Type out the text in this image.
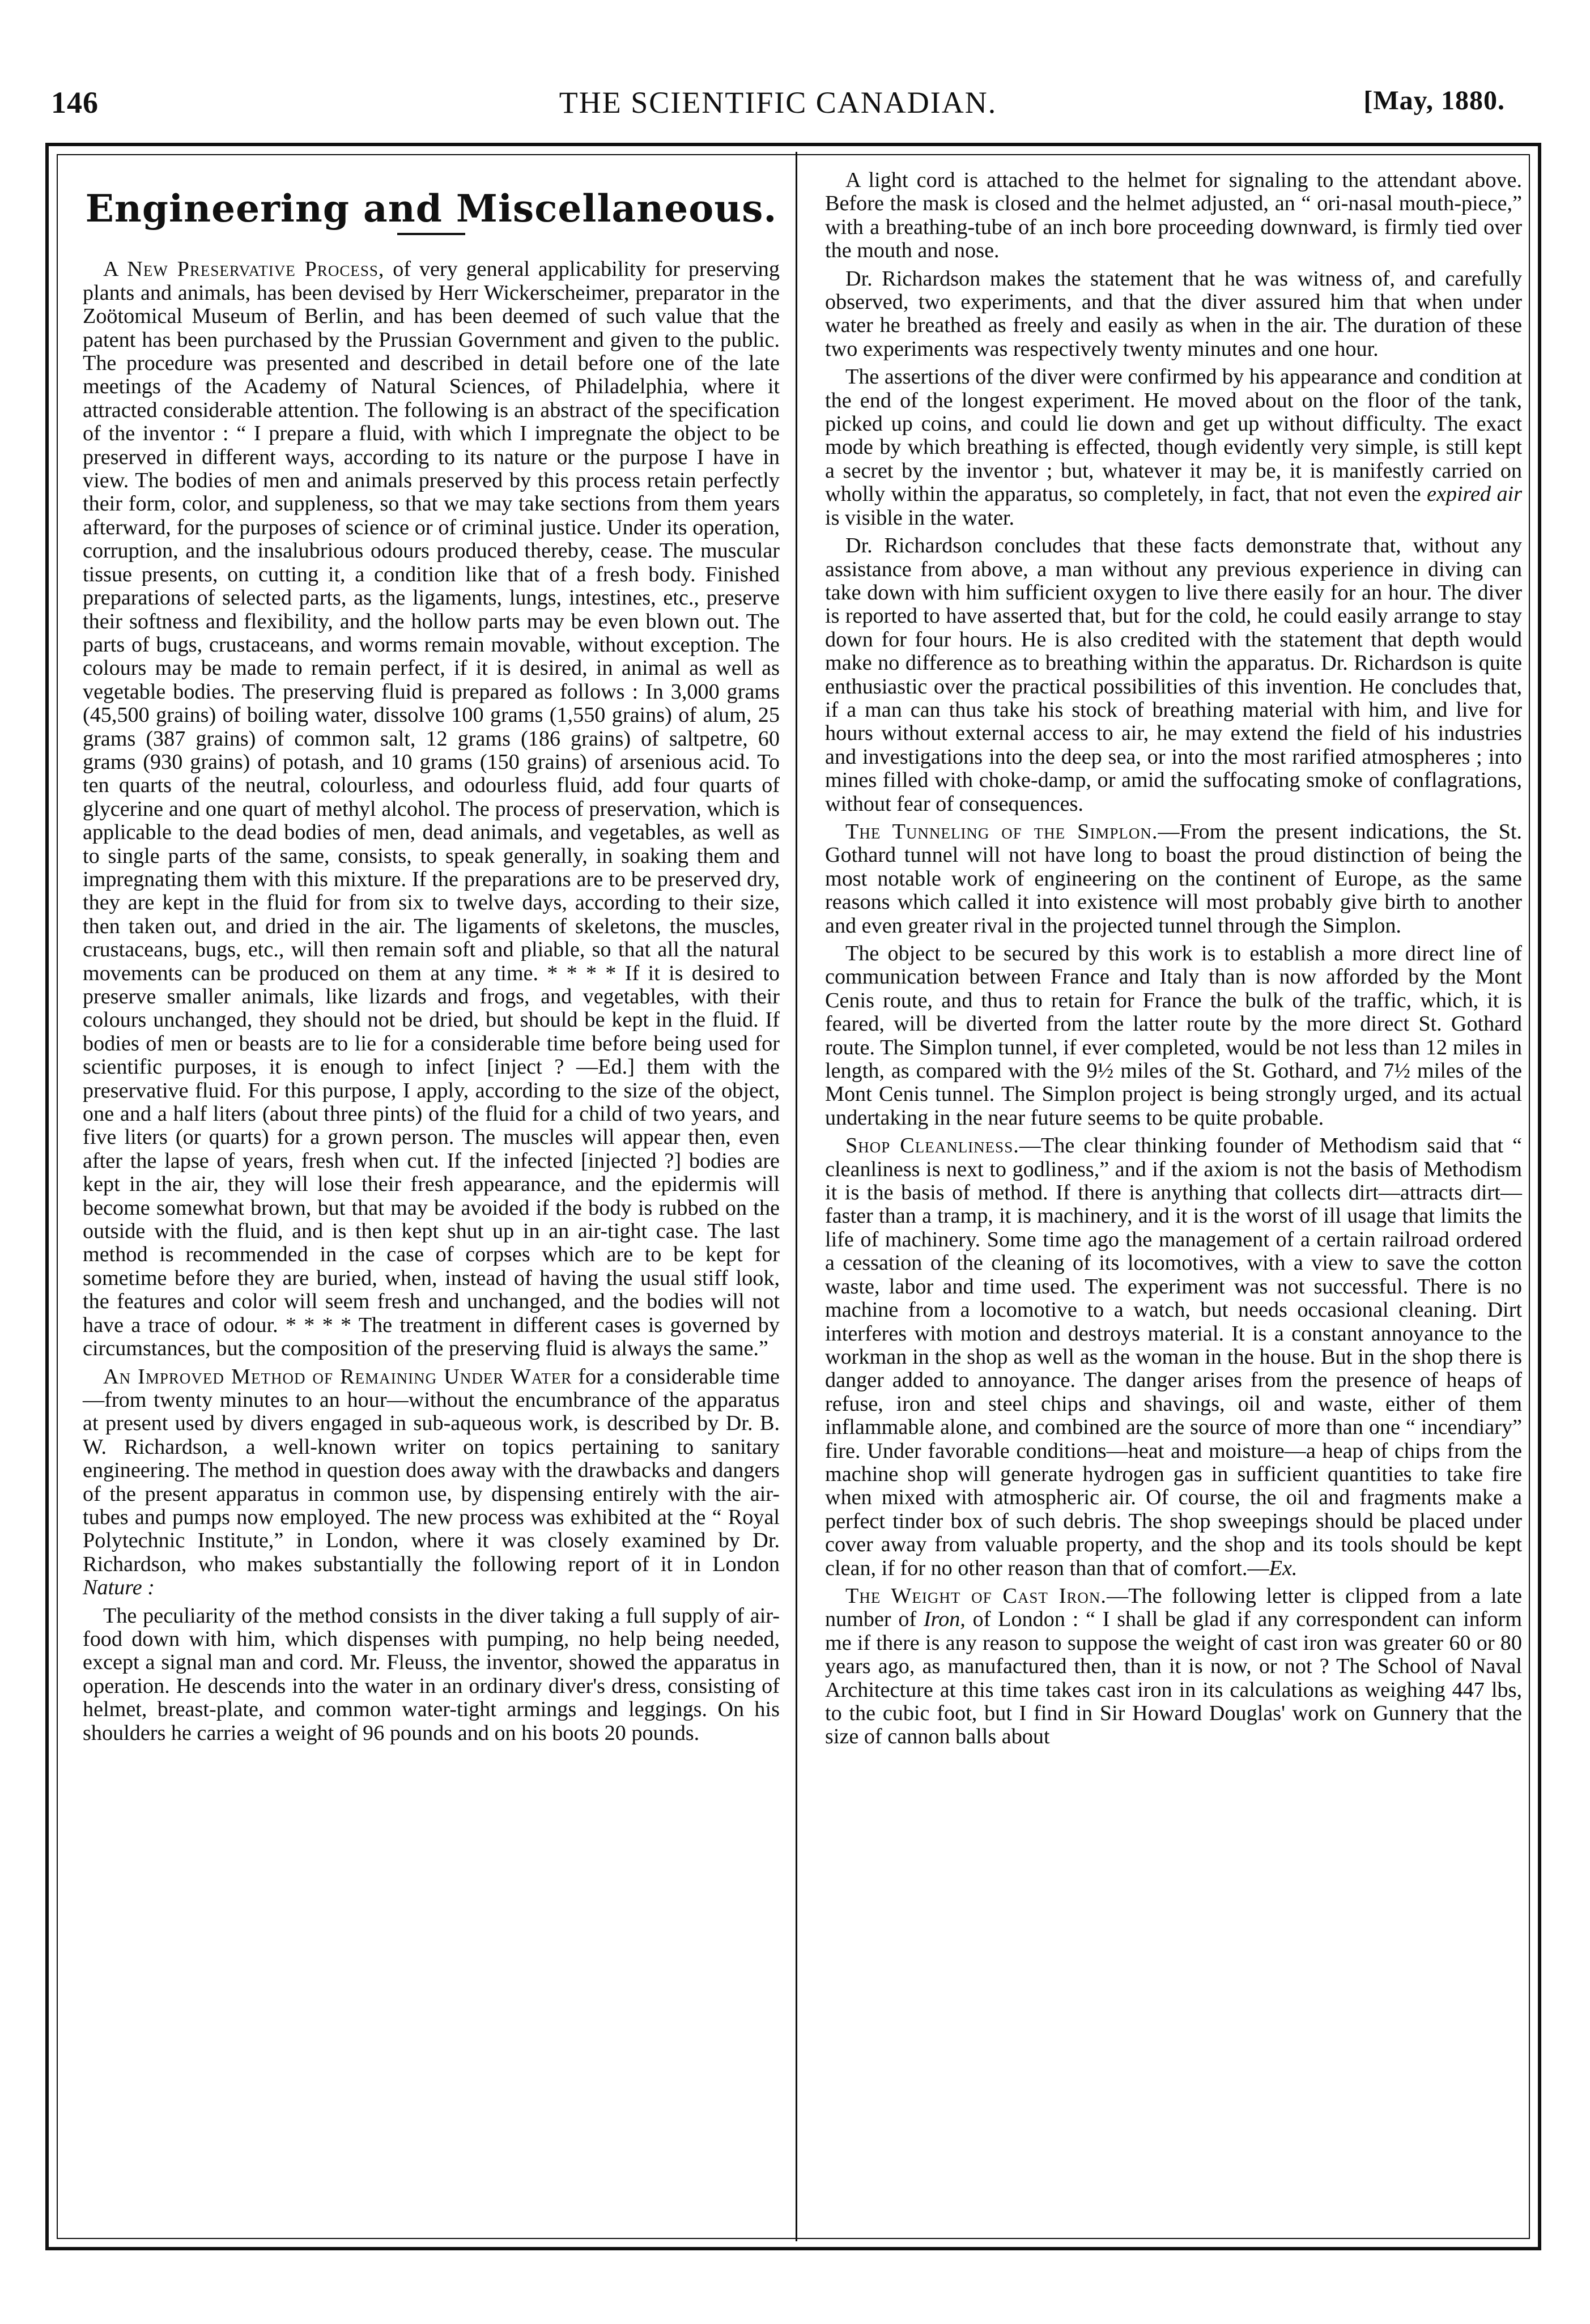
146	THE SCIENTIFIC CANADIAN.	[May, 1880.
Engineering and Miscellaneous.

A New Preservative Process, of very general applicability for preserving plants and animals, has been devised by Herr Wickerscheimer, preparator in the Zoötomical Museum of Berlin, and has been deemed of such value that the patent has been purchased by the Prussian Government and given to the public. The procedure was presented and described in detail before one of the late meetings of the Academy of Natural Sciences, of Philadelphia, where it attracted considerable attention. The following is an abstract of the specification of the inventor : “ I prepare a fluid, with which I impregnate the object to be preserved in different ways, according to its nature or the purpose I have in view. The bodies of men and animals preserved by this process retain perfectly their form, color, and suppleness, so that we may take sections from them years afterward, for the purposes of science or of criminal justice. Under its operation, corruption, and the insalubrious odours produced thereby, cease. The muscular tissue presents, on cutting it, a condition like that of a fresh body. Finished preparations of selected parts, as the ligaments, lungs, intestines, etc., preserve their softness and flexibility, and the hollow parts may be even blown out. The parts of bugs, crustaceans, and worms remain movable, without exception. The colours may be made to remain perfect, if it is desired, in animal as well as vegetable bodies. The preserving fluid is prepared as follows : In 3,000 grams (45,500 grains) of boiling water, dissolve 100 grams (1,550 grains) of alum, 25 grams (387 grains) of common salt, 12 grams (186 grains) of saltpetre, 60 grams (930 grains) of potash, and 10 grams (150 grains) of arsenious acid. To ten quarts of the neutral, colourless, and odourless fluid, add four quarts of glycerine and one quart of methyl alcohol. The process of preservation, which is applicable to the dead bodies of men, dead animals, and vegetables, as well as to single parts of the same, consists, to speak generally, in soaking them and impregnating them with this mixture. If the preparations are to be preserved dry, they are kept in the fluid for from six to twelve days, according to their size, then taken out, and dried in the air. The ligaments of skeletons, the muscles, crustaceans, bugs, etc., will then remain soft and pliable, so that all the natural movements can be produced on them at any time. * * * * If it is desired to preserve smaller animals, like lizards and frogs, and vegetables, with their colours unchanged, they should not be dried, but should be kept in the fluid. If bodies of men or beasts are to lie for a considerable time before being used for scientific purposes, it is enough to infect [inject ? —Ed.] them with the preservative fluid. For this purpose, I apply, according to the size of the object, one and a half liters (about three pints) of the fluid for a child of two years, and five liters (or quarts) for a grown person. The muscles will appear then, even after the lapse of years, fresh when cut. If the infected [injected ?] bodies are kept in the air, they will lose their fresh appearance, and the epidermis will become somewhat brown, but that may be avoided if the body is rubbed on the outside with the fluid, and is then kept shut up in an air-tight case. The last method is recommended in the case of corpses which are to be kept for sometime before they are buried, when, instead of having the usual stiff look, the features and color will seem fresh and unchanged, and the bodies will not have a trace of odour. * * * * The treatment in different cases is governed by circumstances, but the composition of the preserving fluid is always the same.”

An Improved Method of Remaining Under Water for a considerable time—from twenty minutes to an hour—without the encumbrance of the apparatus at present used by divers engaged in sub-aqueous work, is described by Dr. B. W. Richardson, a well-known writer on topics pertaining to sanitary engineering. The method in question does away with the drawbacks and dangers of the present apparatus in common use, by dispensing entirely with the air-tubes and pumps now employed. The new process was exhibited at the “ Royal Polytechnic Institute,” in London, where it was closely examined by Dr. Richardson, who makes substantially the following report of it in London Nature :

The peculiarity of the method consists in the diver taking a full supply of air-food down with him, which dispenses with pumping, no help being needed, except a signal man and cord. Mr. Fleuss, the inventor, showed the apparatus in operation. He descends into the water in an ordinary diver's dress, consisting of helmet, breast-plate, and common water-tight armings and leggings. On his shoulders he carries a weight of 96 pounds and on his boots 20 pounds.

A light cord is attached to the helmet for signaling to the attendant above. Before the mask is closed and the helmet adjusted, an “ ori-nasal mouth-piece,” with a breathing-tube of an inch bore proceeding downward, is firmly tied over the mouth and nose.

Dr. Richardson makes the statement that he was witness of, and carefully observed, two experiments, and that the diver assured him that when under water he breathed as freely and easily as when in the air. The duration of these two experiments was respectively twenty minutes and one hour.

The assertions of the diver were confirmed by his appearance and condition at the end of the longest experiment. He moved about on the floor of the tank, picked up coins, and could lie down and get up without difficulty. The exact mode by which breathing is effected, though evidently very simple, is still kept a secret by the inventor ; but, whatever it may be, it is manifestly carried on wholly within the apparatus, so completely, in fact, that not even the expired air is visible in the water.

Dr. Richardson concludes that these facts demonstrate that, without any assistance from above, a man without any previous experience in diving can take down with him sufficient oxygen to live there easily for an hour. The diver is reported to have asserted that, but for the cold, he could easily arrange to stay down for four hours. He is also credited with the statement that depth would make no difference as to breathing within the apparatus. Dr. Richardson is quite enthusiastic over the practical possibilities of this invention. He concludes that, if a man can thus take his stock of breathing material with him, and live for hours without external access to air, he may extend the field of his industries and investigations into the deep sea, or into the most rarified atmospheres ; into mines filled with choke-damp, or amid the suffocating smoke of conflagrations, without fear of consequences.

The Tunneling of the Simplon.—From the present indications, the St. Gothard tunnel will not have long to boast the proud distinction of being the most notable work of engineering on the continent of Europe, as the same reasons which called it into existence will most probably give birth to another and even greater rival in the projected tunnel through the Simplon.

The object to be secured by this work is to establish a more direct line of communication between France and Italy than is now afforded by the Mont Cenis route, and thus to retain for France the bulk of the traffic, which, it is feared, will be diverted from the latter route by the more direct St. Gothard route. The Simplon tunnel, if ever completed, would be not less than 12 miles in length, as compared with the 9½ miles of the St. Gothard, and 7½ miles of the Mont Cenis tunnel. The Simplon project is being strongly urged, and its actual undertaking in the near future seems to be quite probable.

Shop Cleanliness.—The clear thinking founder of Methodism said that “ cleanliness is next to godliness,” and if the axiom is not the basis of Methodism it is the basis of method. If there is anything that collects dirt—attracts dirt—faster than a tramp, it is machinery, and it is the worst of ill usage that limits the life of machinery. Some time ago the management of a certain railroad ordered a cessation of the cleaning of its locomotives, with a view to save the cotton waste, labor and time used. The experiment was not successful. There is no machine from a locomotive to a watch, but needs occasional cleaning. Dirt interferes with motion and destroys material. It is a constant annoyance to the workman in the shop as well as the woman in the house. But in the shop there is danger added to annoyance. The danger arises from the presence of heaps of refuse, iron and steel chips and shavings, oil and waste, either of them inflammable alone, and combined are the source of more than one “ incendiary” fire. Under favorable conditions—heat and moisture—a heap of chips from the machine shop will generate hydrogen gas in sufficient quantities to take fire when mixed with atmospheric air. Of course, the oil and fragments make a perfect tinder box of such debris. The shop sweepings should be placed under cover away from valuable property, and the shop and its tools should be kept clean, if for no other reason than that of comfort.—Ex.

The Weight of Cast Iron.—The following letter is clipped from a late number of Iron, of London : “ I shall be glad if any correspondent can inform me if there is any reason to suppose the weight of cast iron was greater 60 or 80 years ago, as manufactured then, than it is now, or not ? The School of Naval Architecture at this time takes cast iron in its calculations as weighing 447 lbs, to the cubic foot, but I find in Sir Howard Douglas' work on Gunnery that the size of cannon balls about
